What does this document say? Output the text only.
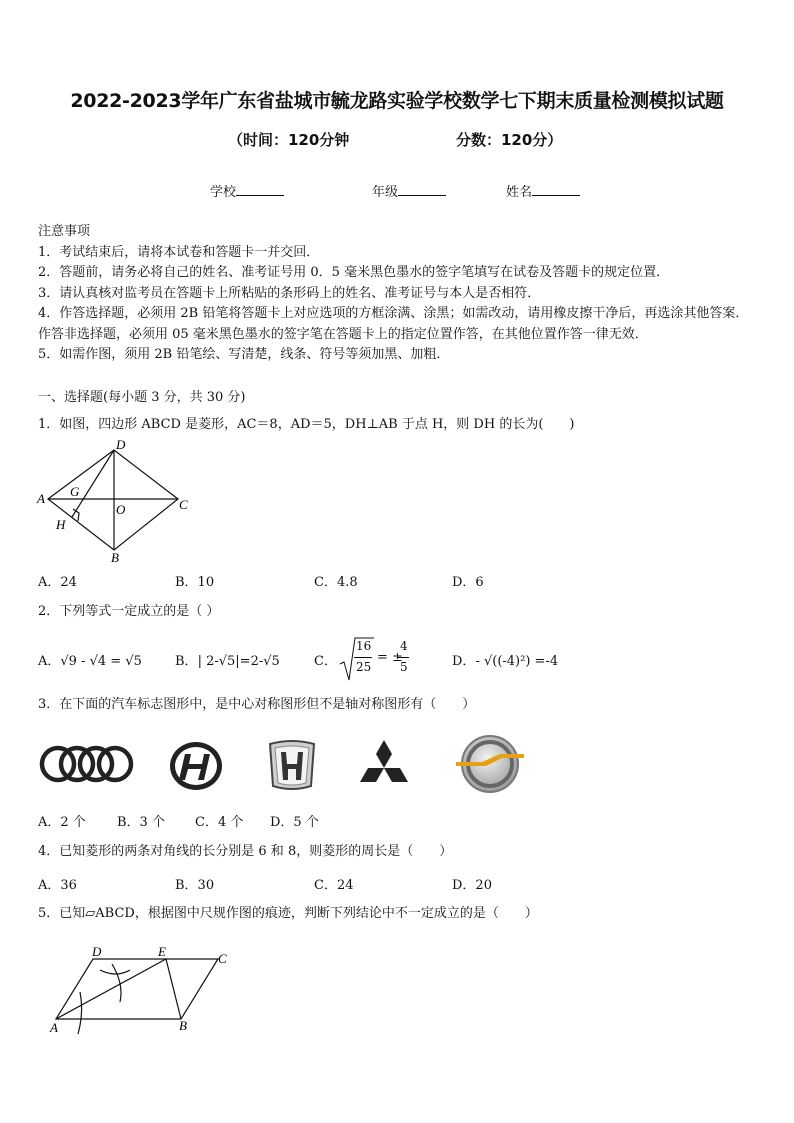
2022-2023学年广东省盐城市毓龙路实验学校数学七下期末质量检测模拟试题
（时间：120分钟	分数：120分）
学校	年级	姓名

注意事项

1．考试结束后，请将本试卷和答题卡一并交回．

2．答题前，请务必将自己的姓名、准考证号用 0．5 毫米黑色墨水的签字笔填写在试卷及答题卡的规定位置．

3．请认真核对监考员在答题卡上所粘贴的条形码上的姓名、准考证号与本人是否相符．

4．作答选择题，必须用 2B 铅笔将答题卡上对应选项的方框涂满、涂黑；如需改动，请用橡皮擦干净后，再选涂其他答案．作答非选择题，必须用 05 毫米黑色墨水的签字笔在答题卡上的指定位置作答，在其他位置作答一律无效．

5．如需作图，须用 2B 铅笔绘、写清楚，线条、符号等须加黑、加粗．

一、选择题(每小题 3 分，共 30 分)
1．如图，四边形 ABCD 是菱形，AC＝8，AD＝5，DH⊥AB 于点 H，则 DH 的长为(　　)
D
A	C
B
G
H
O
A．24	B．10	C．4.8	D．6
2．下列等式一定成立的是（ ）
A．√9 - √4 = √5	B．| 2-√5|=2-√5	C．
16
25
= ±
4
5	D．- √((-4)²) =-4
3．在下面的汽车标志图形中，是中心对称图形但不是轴对称图形有（　　）
A．2 个 B．3 个 C．4 个 D．5 个
4．已知菱形的两条对角线的长分别是 6 和 8，则菱形的周长是（　　）
A．36	B．30	C．24	D．20
5．已知▱ABCD，根据图中尺规作图的痕迹，判断下列结论中不一定成立的是（　　）
D	E	C
A	B
